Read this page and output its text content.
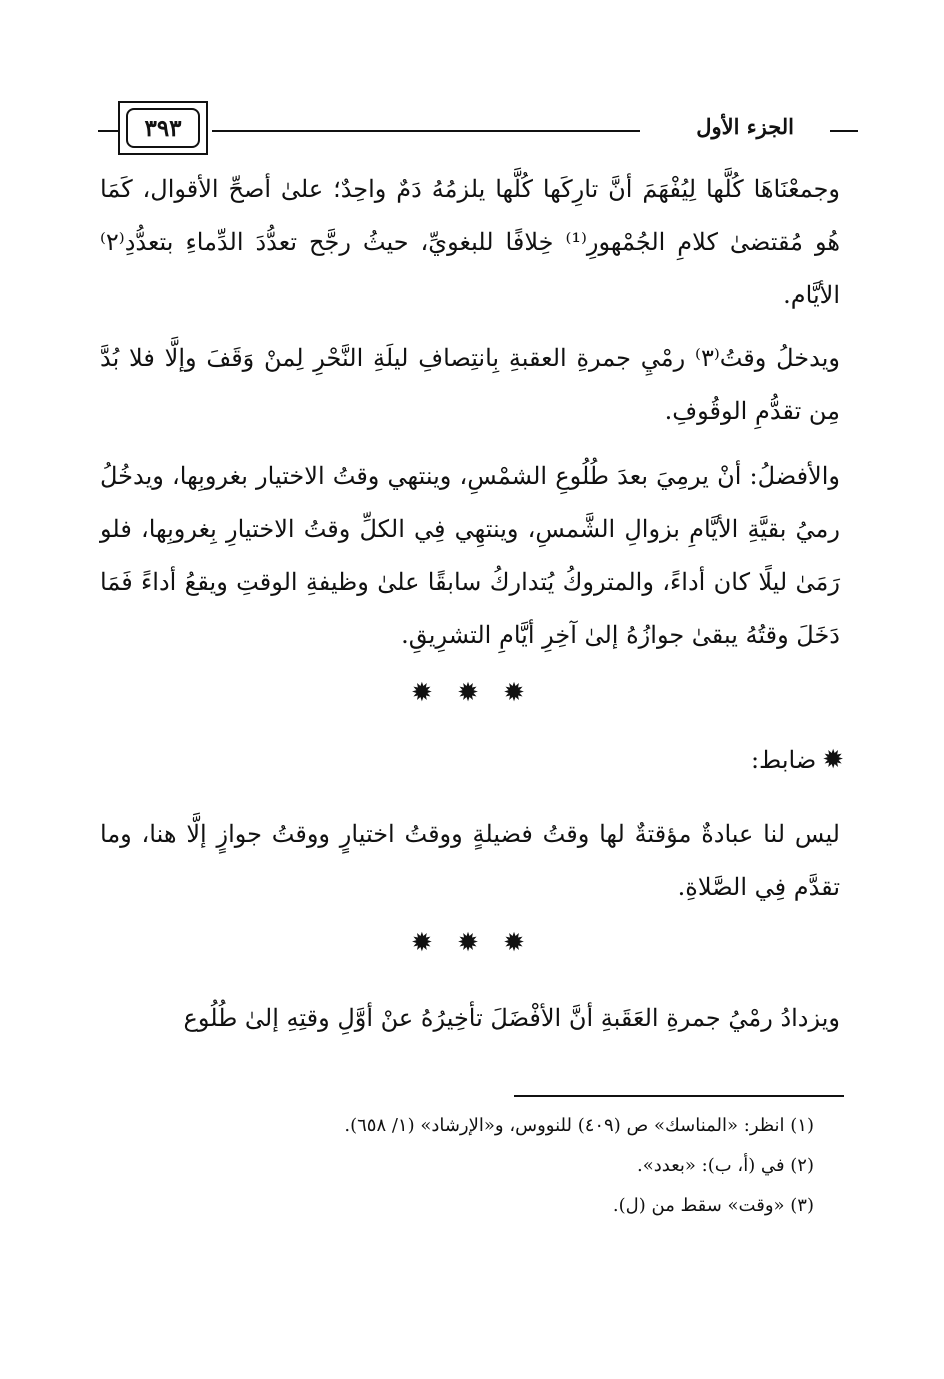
الجزء الأول
٣٩٣

وجمعْنَاهَا كُلَّها لِيُفْهَمَ أنَّ تارِكَها كُلَّها يلزمُهُ دَمٌ واحِدٌ؛ علىٰ أصحِّ الأقوال، كَمَا هُو مُقتضىٰ كلامِ الجُمْهورِ⁽¹⁾ خِلافًا للبغويِّ، حيثُ رجَّح تعدُّدَ الدِّماءِ بتعدُّدِ⁽٢⁾ الأيَّام.

ويدخلُ وقتُ⁽٣⁾ رمْيِ جمرةِ العقبةِ بِانتِصافِ ليلَةِ النَّحْرِ لِمنْ وَقَفَ وإلَّا فلا بُدَّ مِن تقدُّمِ الوقُوفِ.

والأفضلُ: أنْ يرمِيَ بعدَ طُلُوعِ الشمْسِ، وينتهي وقتُ الاختيار بغروبِها، ويدخُلُ رميُ بقيَّةِ الأيَّامِ بزوالِ الشَّمسِ، وينتهِي فِي الكلِّ وقتُ الاختيارِ بِغروبِها، فلو رَمَىٰ ليلًا كان أداءً، والمتروكُ يُتداركُ سابقًا علىٰ وظيفةِ الوقتِ ويقعُ أداءً فَمَا دَخَلَ وقتُهُ يبقىٰ جوازُهُ إلىٰ آخِرِ أيَّامِ التشرِيقِ.

✹ ✹ ✹
✹
ضابط:

ليس لنا عبادةٌ مؤقتةٌ لها وقتُ فضيلةٍ ووقتُ اختيارٍ ووقتُ جوازٍ إلَّا هنا، وما تقدَّم فِي الصَّلاةِ.

✹ ✹ ✹

ويزدادُ رمْيُ جمرةِ العَقَبةِ أنَّ الأفْضَلَ تأخِيرُهُ عنْ أوَّلِ وقتِهِ إلىٰ طُلُوع

(١) انظر: «المناسك» ص (٤٠٩) للنووس، و«الإرشاد» (١/ ٦٥٨).
(٢) في (أ، ب): «بعدد».
(٣) «وقت» سقط من (ل).
